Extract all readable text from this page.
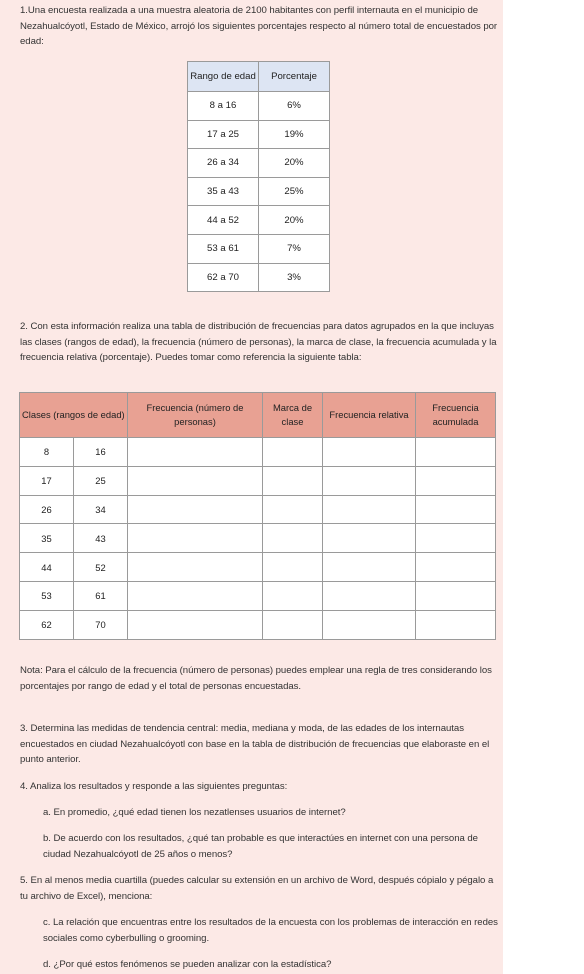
1.Una encuesta realizada a una muestra aleatoria de 2100 habitantes con perfil internauta en el municipio de Nezahualcóyotl, Estado de México, arrojó los siguientes porcentajes respecto al número total de encuestados por edad:
Rango de edad	Porcentaje
8 a 16	6%
17 a 25	19%
26 a 34	20%
35 a 43	25%
44 a 52	20%
53 a 61	7%
62 a 70	3%
2. Con esta información realiza una tabla de distribución de frecuencias para datos agrupados en la que incluyas las clases (rangos de edad), la frecuencia (número de personas), la marca de clase, la frecuencia acumulada y la frecuencia relativa (porcentaje). Puedes tomar como referencia la siguiente tabla:
Clases (rangos de edad)		Frecuencia (número de personas)	Marca de clase	Frecuencia relativa	Frecuencia acumulada
8	16				
17	25				
26	34				
35	43				
44	52				
53	61				
62	70				
Nota: Para el cálculo de la frecuencia (número de personas) puedes emplear una regla de tres considerando los porcentajes por rango de edad y el total de personas encuestadas.
3. Determina las medidas de tendencia central: media, mediana y moda, de las edades de los internautas encuestados en ciudad Nezahualcóyotl con base en la tabla de distribución de frecuencias que elaboraste en el punto anterior.
4. Analiza los resultados y responde a las siguientes preguntas:
a. En promedio, ¿qué edad tienen los nezatlenses usuarios de internet?
b. De acuerdo con los resultados, ¿qué tan probable es que interactúes en internet con una persona de ciudad Nezahualcóyotl de 25 años o menos?
5. En al menos media cuartilla (puedes calcular su extensión en un archivo de Word, después cópialo y pégalo a tu archivo de Excel), menciona:
c. La relación que encuentras entre los resultados de la encuesta con los problemas de interacción en redes sociales como cyberbulling o grooming.
d. ¿Por qué estos fenómenos se pueden analizar con la estadística?
